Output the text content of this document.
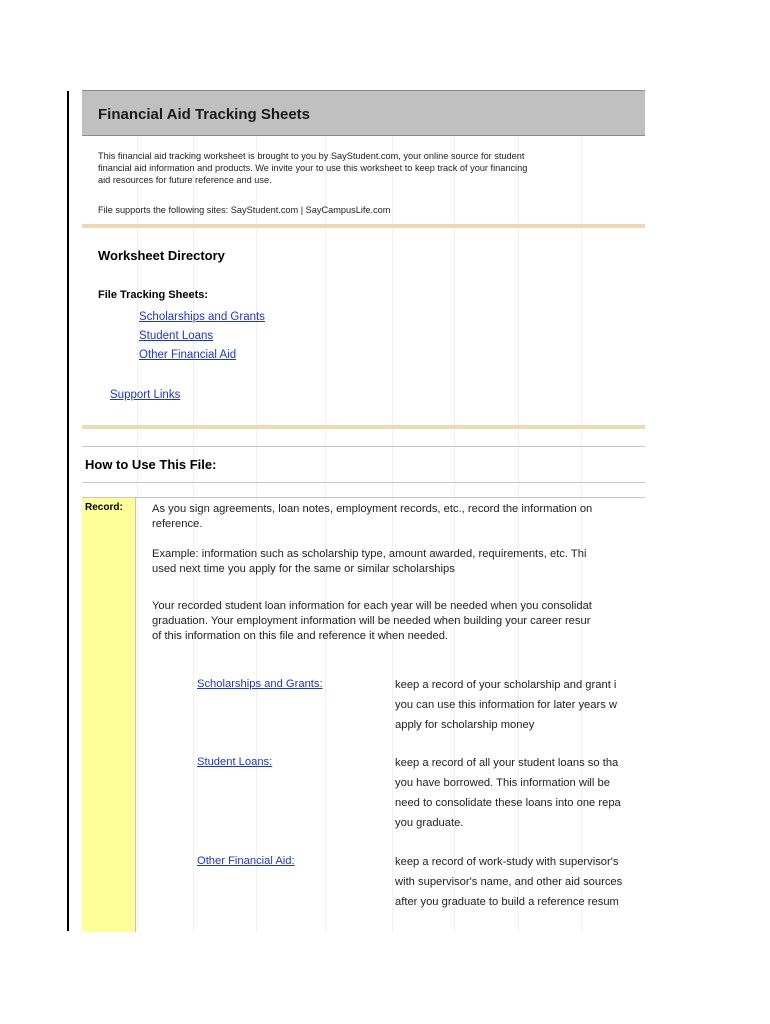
Financial Aid Tracking Sheets
This financial aid tracking worksheet is brought to you by SayStudent.com, your online source for student
financial aid information and products. We invite your to use this worksheet to keep track of your financing
aid resources for future reference and use.
File supports the following sites: SayStudent.com | SayCampusLife.com
Worksheet Directory
File Tracking Sheets:
Scholarships and Grants
Student Loans
Other Financial Aid
Support Links
How to Use This File:
Record:	As you sign agreements, loan notes, employment records, etc., record the information on
reference.
Example: information such as scholarship type, amount awarded, requirements, etc. Thi
used next time you apply for the same or similar scholarships
Your recorded student loan information for each year will be needed when you consolidat
graduation. Your employment information will be needed when building your career resur
of this information on this file and reference it when needed.
Scholarships and Grants:	keep a record of your scholarship and grant i
you can use this information for later years w
apply for scholarship money
Student Loans:	keep a record of all your student loans so tha
you have borrowed. This information will be
need to consolidate these loans into one repa
you graduate.
Other Financial Aid:	keep a record of work-study with supervisor's
with supervisor's name, and other aid sources
after you graduate to build a reference resum
